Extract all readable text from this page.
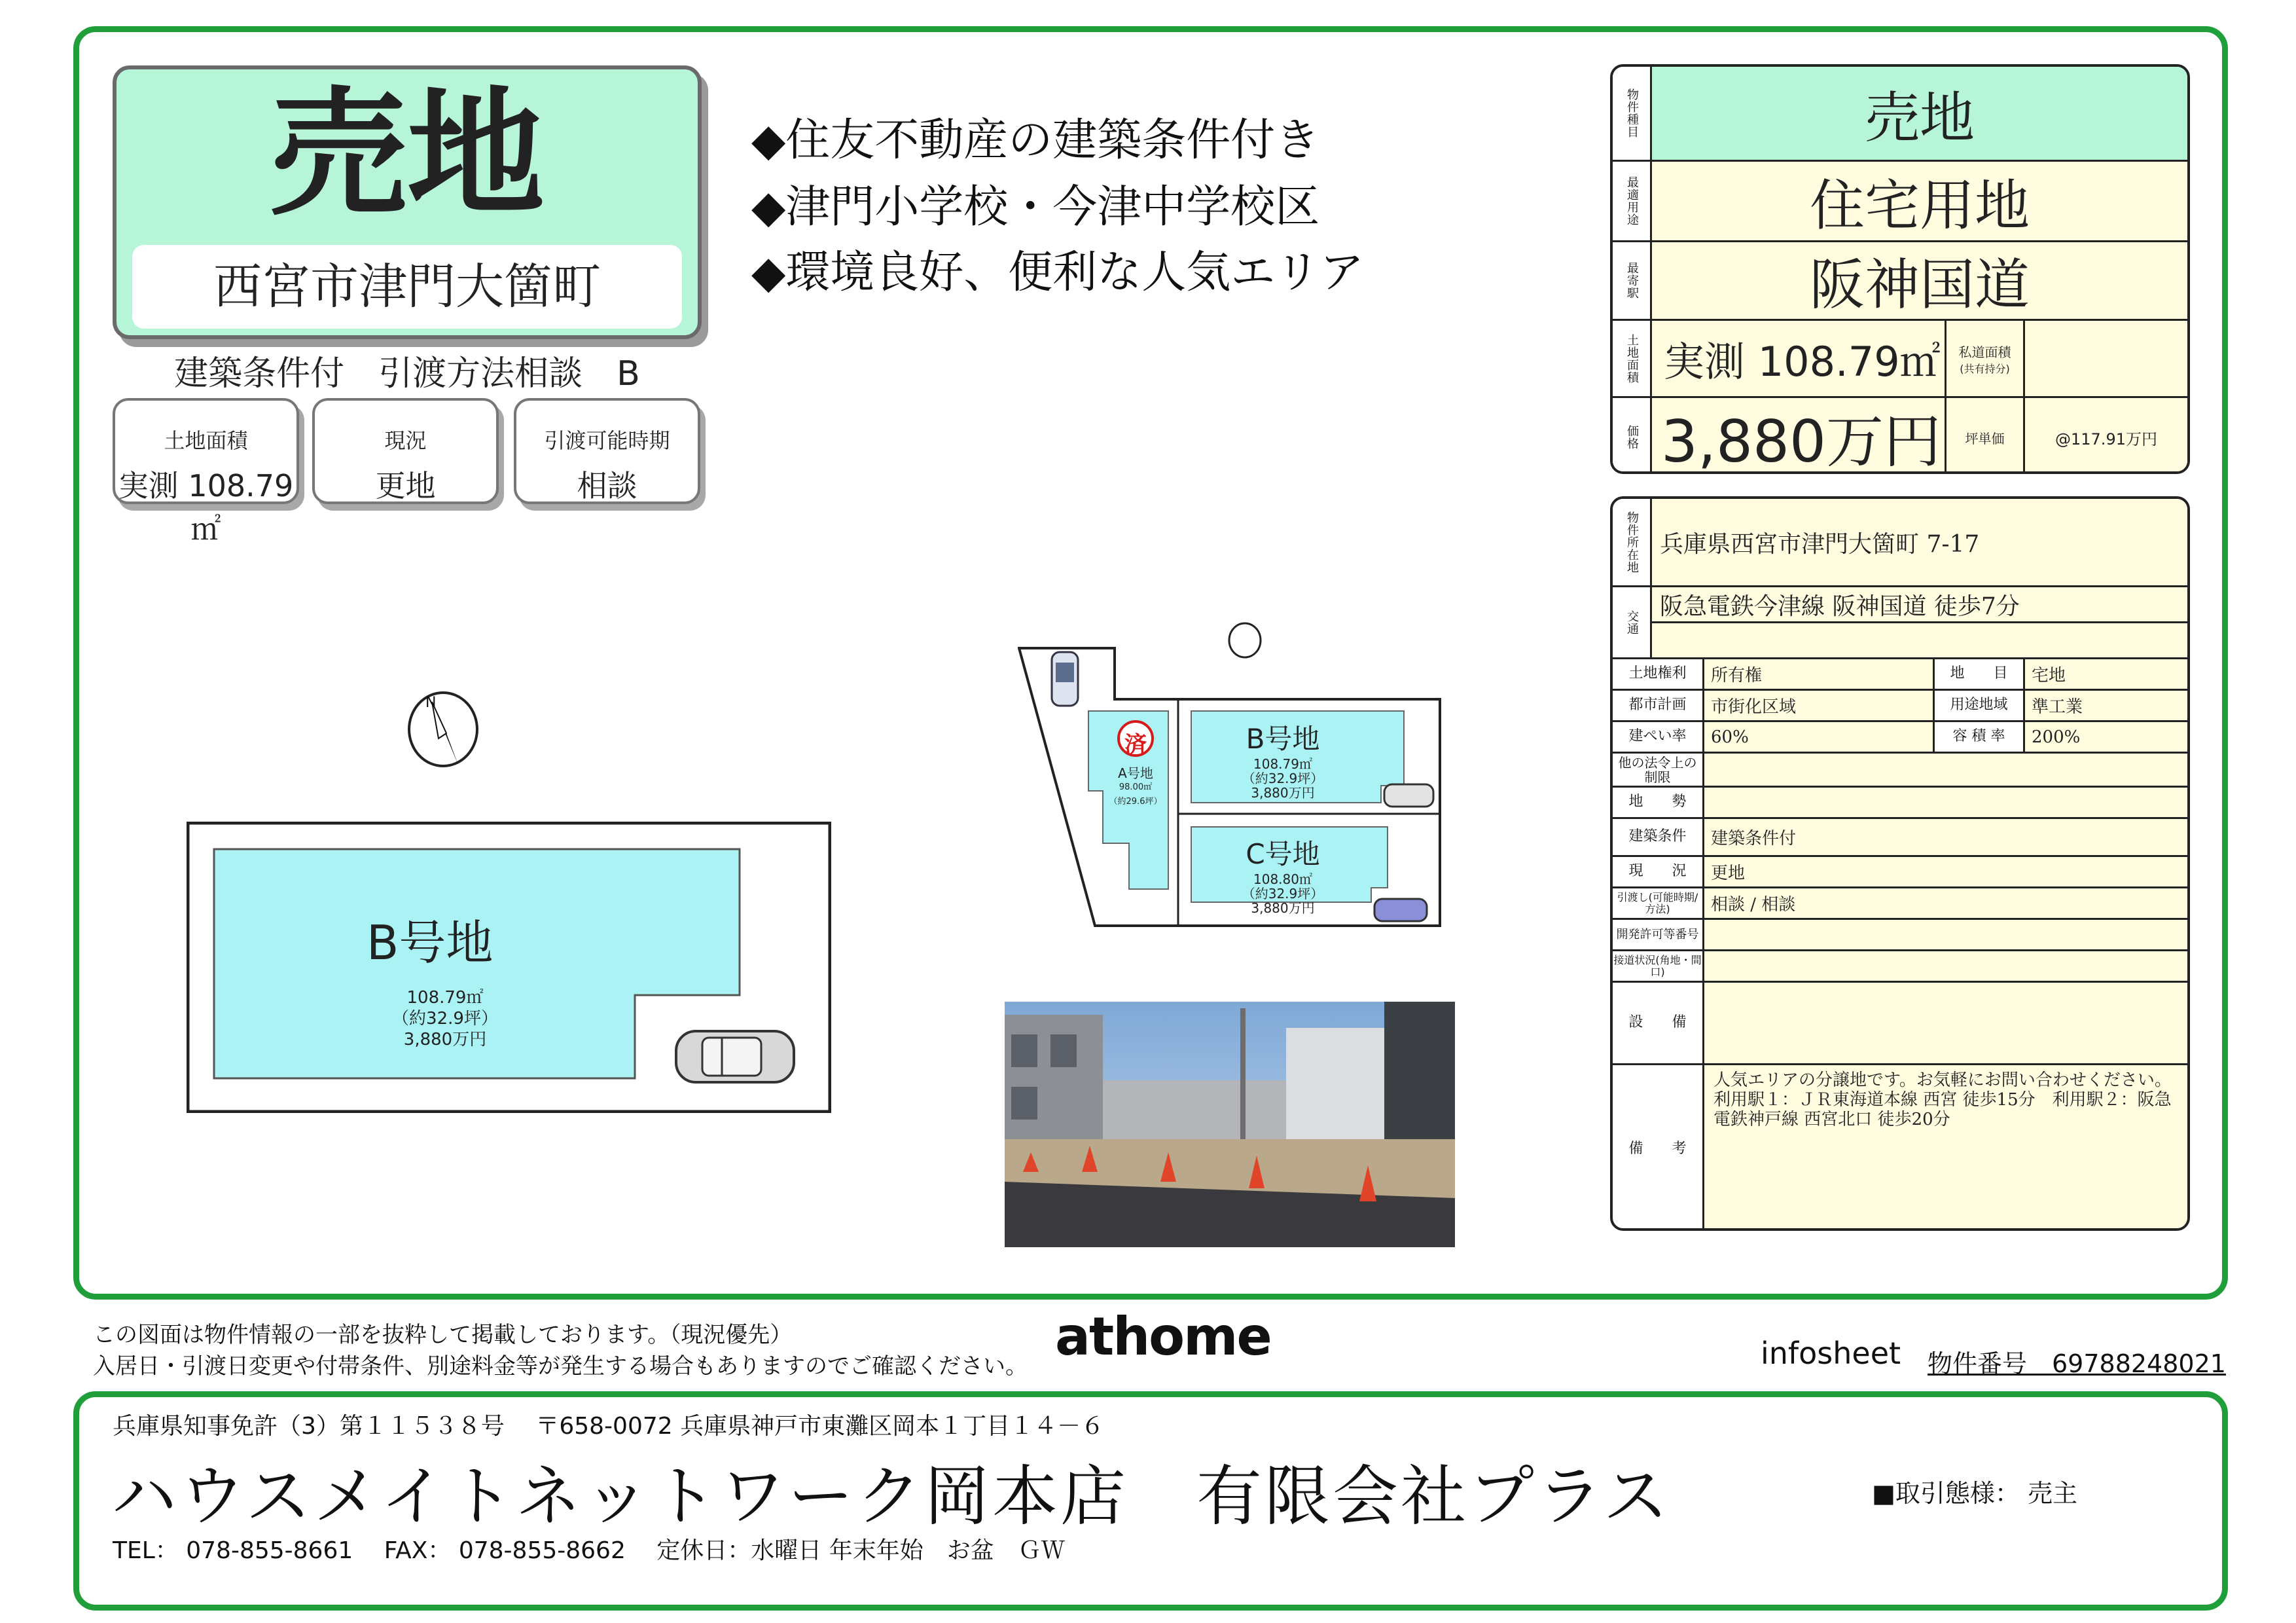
売地
西宮市津門大箇町
建築条件付　引渡方法相談　B
土地面積
実測 108.79㎡
現況
更地
引渡可能時期
相談
◆住友不動産の建築条件付き
◆津門小学校・今津中学校区
◆環境良好、便利な人気エリア
N
B号地
108.79㎡
（約32.9坪）
3,880万円
済
A号地
98.00㎡
（約29.6坪）
B号地
108.79㎡
（約32.9坪）
3,880万円
C号地
108.80㎡
（約32.9坪）
3,880万円
物件種目	売地
最適用途	住宅用地
最寄駅	阪神国道
土地面積 実測 108.79㎡	私道面積
(共有持分)
価格 3,880万円	坪単価	@117.91万円
物件所在地 兵庫県西宮市津門大箇町 7-17
交通
阪急電鉄今津線 阪神国道 徒歩7分
土地権利	所有権	地　　目	宅地
都市計画	市街化区域	用途地域	準工業
建ぺい率	60%	容 積 率	200%
他の法令上の制限
地　　勢
建築条件	建築条件付
現　　況	更地
引渡し(可能時期/方法)	相談 / 相談
開発許可等番号
接道状況(角地・間口)
設　　備
備　　考
人気エリアの分譲地です。お気軽にお問い合わせください。利用駅１：ＪＲ東海道本線 西宮 徒歩15分　利用駅２：阪急電鉄神戸線 西宮北口 徒歩20分
この図面は物件情報の一部を抜粋して掲載しております。（現況優先）
入居日・引渡日変更や付帯条件、別途料金等が発生する場合もありますのでご確認ください。 athome	infosheet 物件番号　69788248021
兵庫県知事免許（3）第１１５３８号　 〒658-0072 兵庫県神戸市東灘区岡本１丁目１４－６
ハウスメイトネットワーク岡本店　有限会社プラス
TEL： 078-855-8661　 FAX： 078-855-8662　 定休日：水曜日 年末年始　お盆　ＧＷ
■取引態様： 売主
